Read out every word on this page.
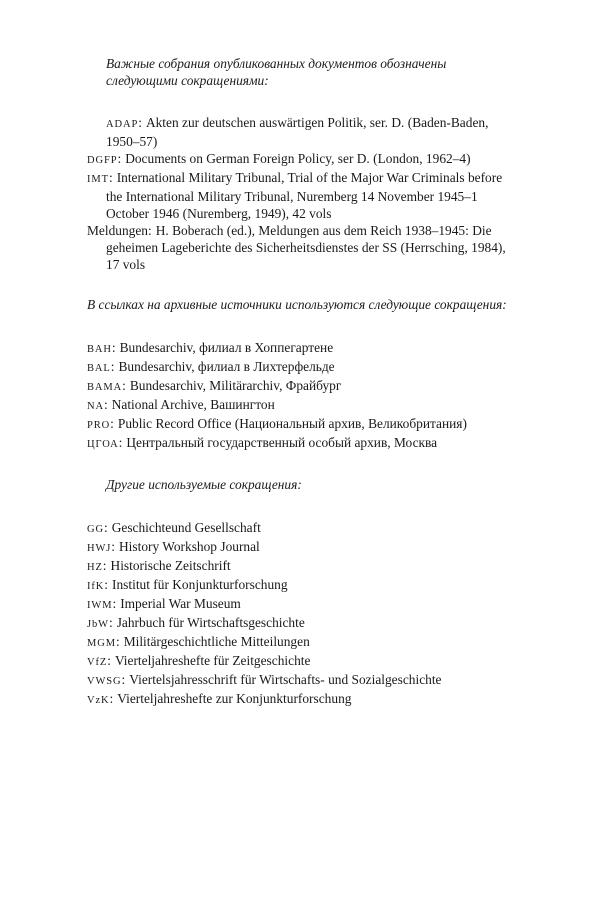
Важные собрания опубликованных документов обозначены следующими сокращениями:

ADAP: Akten zur deutschen auswärtigen Politik, ser. D. (Baden-Baden, 1950–57)
DGFP: Documents on German Foreign Policy, ser D. (London, 1962–4)
IMT: International Military Tribunal, Trial of the Major War Criminals before the International Military Tribunal, Nuremberg 14 November 1945–1 October 1946 (Nuremberg, 1949), 42 vols
Meldungen: H. Boberach (ed.), Meldungen aus dem Reich 1938–1945: Die geheimen Lageberichte des Sicherheitsdienstes der SS (Herrsching, 1984), 17 vols

В ссылках на архивные источники используются следующие сокращения:

BAH: Bundesarchiv, филиал в Хоппегартене
BAL: Bundesarchiv, филиал в Лихтерфельде
BAMA: Bundesarchiv, Militärarchiv, Фрайбург
NA: National Archive, Вашингтон
PRO: Public Record Office (Национальный архив, Великобритания)
ЦГОА: Центральный государственный особый архив, Москва

Другие используемые сокращения:

GG: Geschichteund Gesellschaft
HWJ: History Workshop Journal
HZ: Historische Zeitschrift
IfK: Institut für Konjunkturforschung
IWM: Imperial War Museum
JbW: Jahrbuch für Wirtschaftsgeschichte
MGM: Militärgeschichtliche Mitteilungen
VfZ: Vierteljahreshefte für Zeitgeschichte
VWSG: Viertelsjahresschrift für Wirtschafts- und Sozialgeschichte
VzK: Vierteljahreshefte zur Konjunkturforschung
